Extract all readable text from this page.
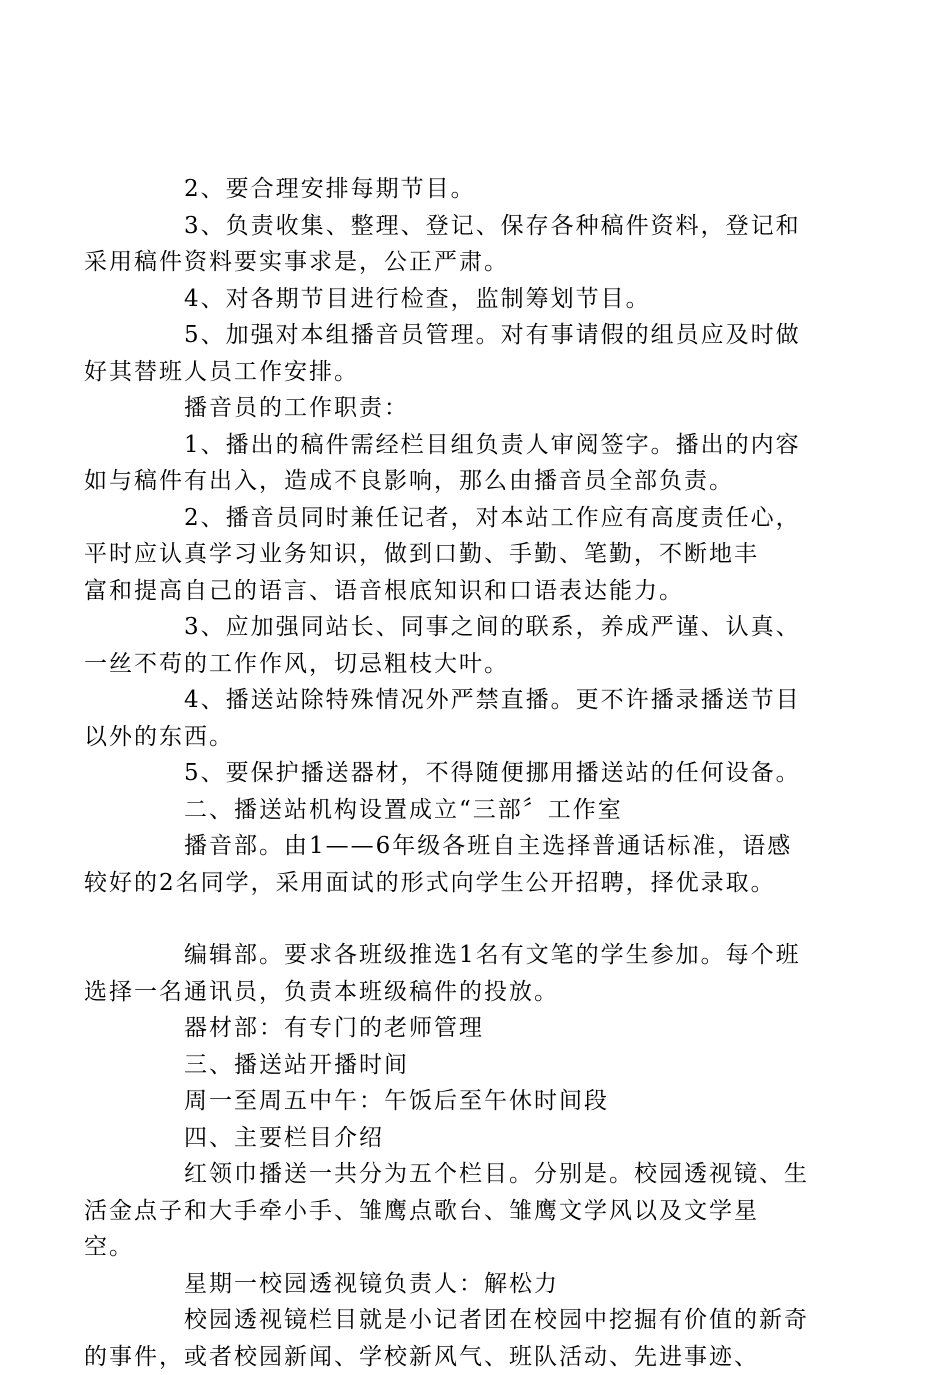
2、要合理安排每期节目。

3、负责收集、整理、登记、保存各种稿件资料，登记和
采用稿件资料要实事求是，公正严肃。

4、对各期节目进行检查，监制筹划节目。

5、加强对本组播音员管理。对有事请假的组员应及时做
好其替班人员工作安排。

播音员的工作职责：

1、播出的稿件需经栏目组负责人审阅签字。播出的内容
如与稿件有出入，造成不良影响，那么由播音员全部负责。

2、播音员同时兼任记者，对本站工作应有高度责任心，
平时应认真学习业务知识，做到口勤、手勤、笔勤，不断地丰
富和提高自己的语言、语音根底知识和口语表达能力。

3、应加强同站长、同事之间的联系，养成严谨、认真、
一丝不苟的工作作风，切忌粗枝大叶。

4、播送站除特殊情况外严禁直播。更不许播录播送节目
以外的东西。

5、要保护播送器材，不得随便挪用播送站的任何设备。

二、播送站机构设置成立“三部〞工作室

播音部。由1——6年级各班自主选择普通话标准，语感
较好的2名同学，采用面试的形式向学生公开招聘，择优录取。

编辑部。要求各班级推选1名有文笔的学生参加。每个班
选择一名通讯员，负责本班级稿件的投放。

器材部：有专门的老师管理

三、播送站开播时间

周一至周五中午：午饭后至午休时间段

四、主要栏目介绍

红领巾播送一共分为五个栏目。分别是。校园透视镜、生
活金点子和大手牵小手、雏鹰点歌台、雏鹰文学风以及文学星
空。

星期一校园透视镜负责人：解松力

校园透视镜栏目就是小记者团在校园中挖掘有价值的新奇
的事件，或者校园新闻、学校新风气、班队活动、先进事迹、
